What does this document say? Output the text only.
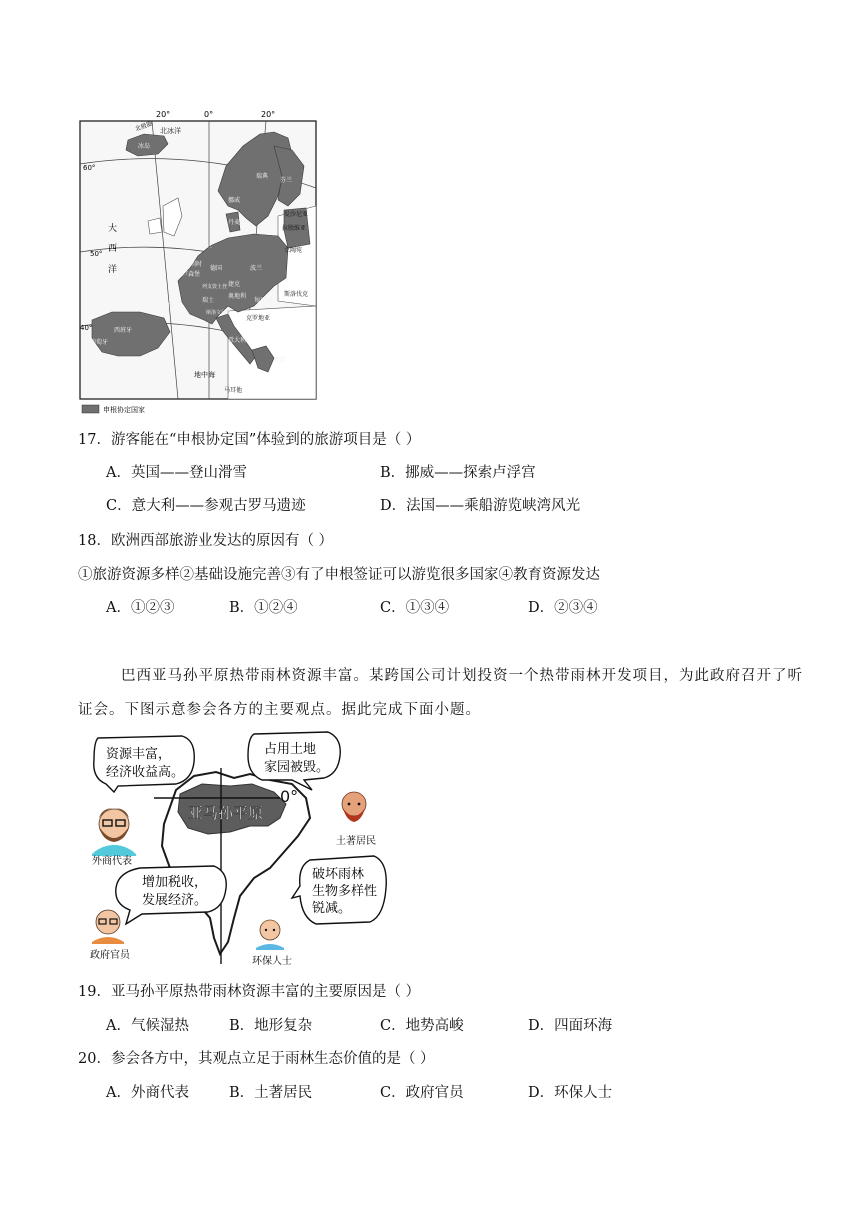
20°	0°	20°
北冰洋
北极圈
大
西
洋
地中海
60°
50°
40°
冰岛
挪威
瑞典
芬兰
丹麦
荷兰
比利时
卢森堡
德国	波兰
捷克
奥地利
法国
瑞士
列支敦士登
斯洛文尼亚
匈牙利
斯洛伐克
意大利
西班牙
葡萄牙
爱沙尼亚
拉脱维亚
立陶宛
克罗地亚
希腊
马耳他
申根协定国家
17．游客能在“申根协定国”体验到的旅游项目是（ ）
A．英国——登山滑雪	B．挪威——探索卢浮宫
C．意大利——参观古罗马遗迹	D．法国——乘船游览峡湾风光
18．欧洲西部旅游业发达的原因有（ ）
①旅游资源多样②基础设施完善③有了申根签证可以游览很多国家④教育资源发达
A．①②③	B．①②④	C．①③④	D．②③④
巴西亚马孙平原热带雨林资源丰富。某跨国公司计划投资一个热带雨林开发项目，为此政府召开了听
证会。下图示意参会各方的主要观点。据此完成下面小题。
亚马孙平原
0°
资源丰富，
经济收益高。
占用土地
家园被毁。
增加税收，
发展经济。
破坏雨林
生物多样性
锐减。
外商代表
土著居民
政府官员
环保人士
19．亚马孙平原热带雨林资源丰富的主要原因是（ ）
A．气候湿热	B．地形复杂	C．地势高峻	D．四面环海
20．参会各方中，其观点立足于雨林生态价值的是（ ）
A．外商代表	B．土著居民	C．政府官员	D．环保人士
